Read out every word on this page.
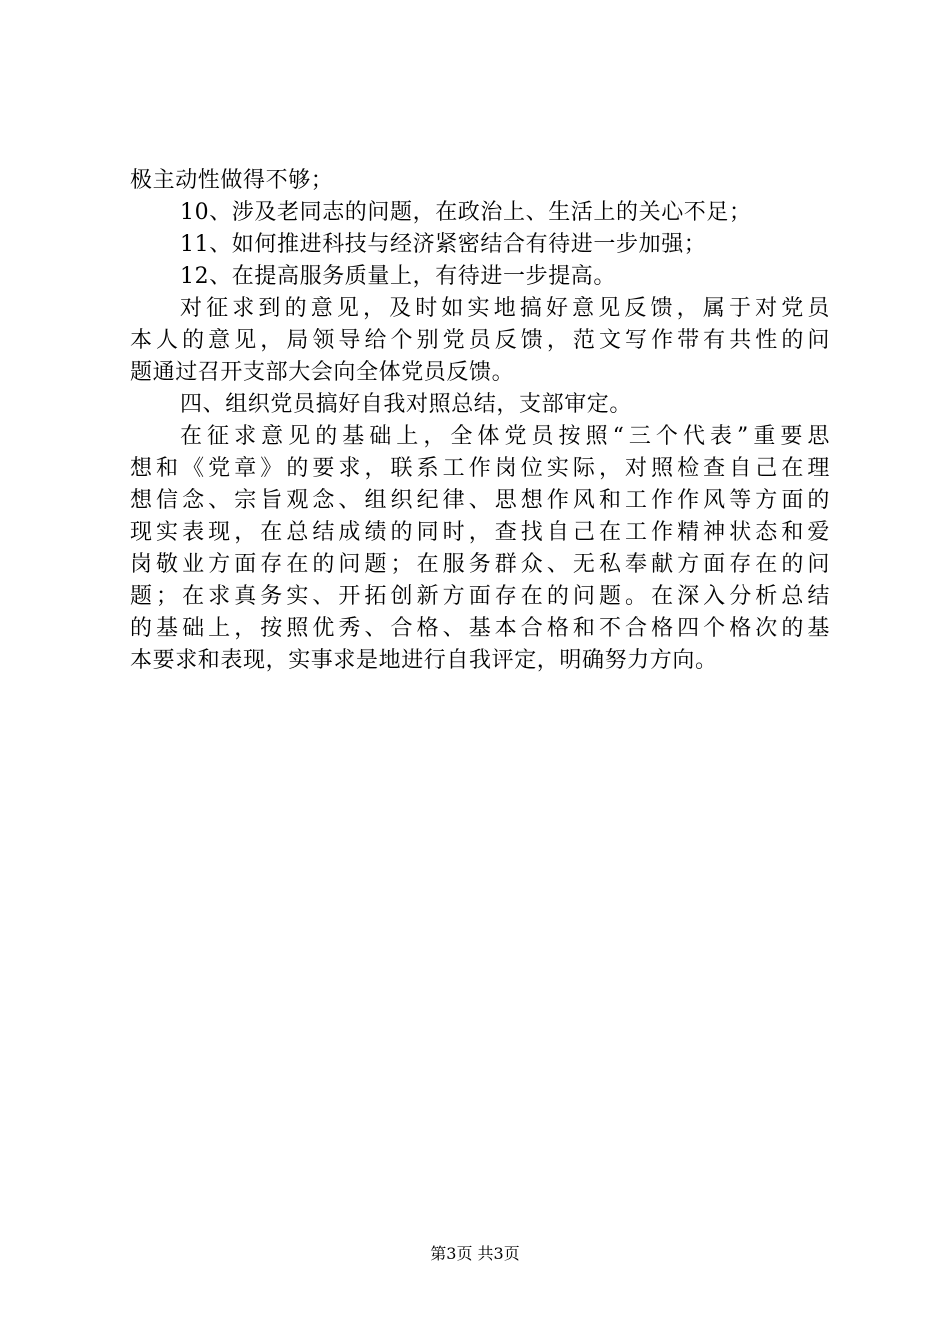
极主动性做得不够；
10、涉及老同志的问题，在政治上、生活上的关心不足；
11、如何推进科技与经济紧密结合有待进一步加强；
12、在提高服务质量上，有待进一步提高。
对征求到的意见，及时如实地搞好意见反馈，属于对党员
本人的意见，局领导给个别党员反馈，范文写作带有共性的问
题通过召开支部大会向全体党员反馈。
四、组织党员搞好自我对照总结，支部审定。
在征求意见的基础上，全体党员按照“三个代表”重要思
想和《党章》的要求，联系工作岗位实际，对照检查自己在理
想信念、宗旨观念、组织纪律、思想作风和工作作风等方面的
现实表现，在总结成绩的同时，查找自己在工作精神状态和爱
岗敬业方面存在的问题；在服务群众、无私奉献方面存在的问
题；在求真务实、开拓创新方面存在的问题。在深入分析总结
的基础上，按照优秀、合格、基本合格和不合格四个格次的基
本要求和表现，实事求是地进行自我评定，明确努力方向。
第3页 共3页
